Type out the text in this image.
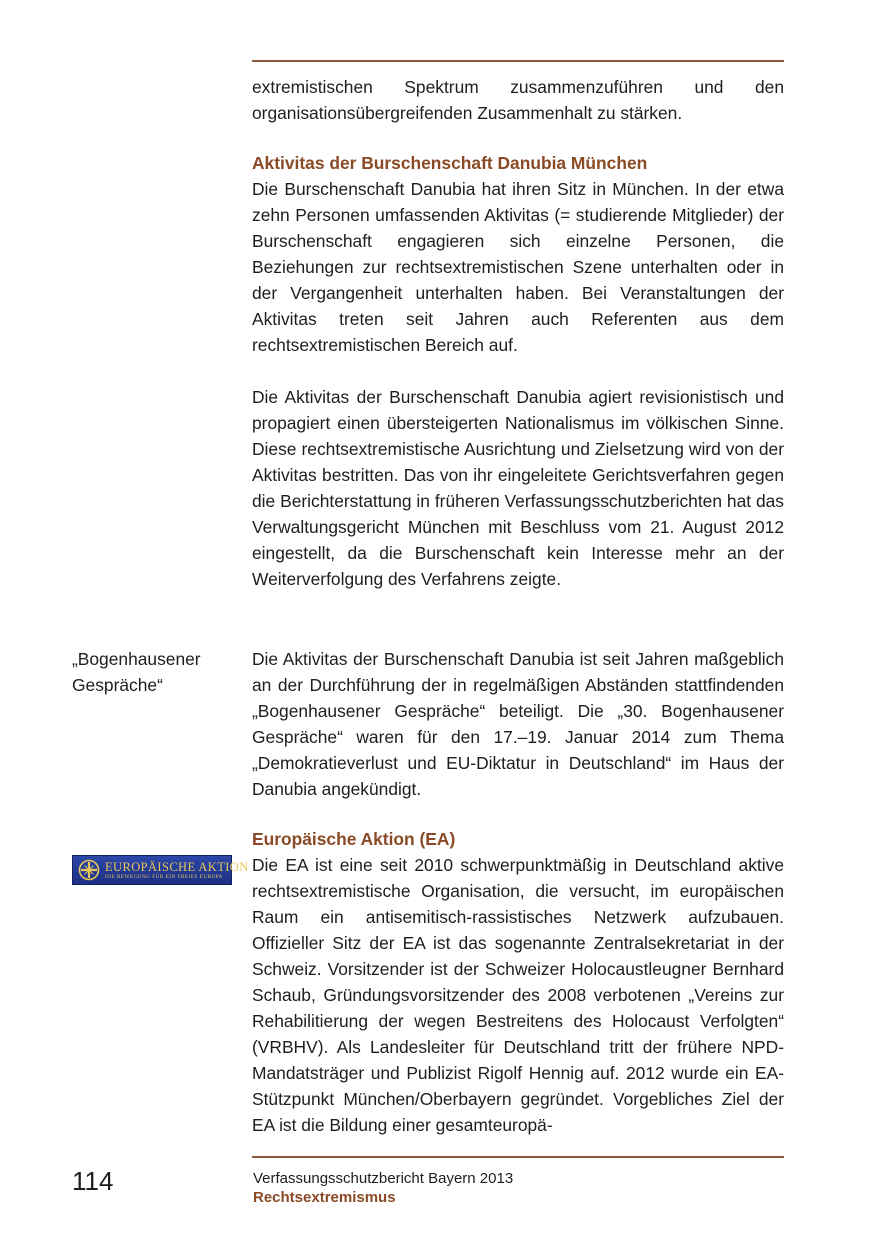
extremistischen Spektrum zusammenzuführen und den organisationsübergreifenden Zusammenhalt zu stärken.

Aktivitas der Burschenschaft Danubia München

Die Burschenschaft Danubia hat ihren Sitz in München. In der etwa zehn Personen umfassenden Aktivitas (= studierende Mitglieder) der Burschenschaft engagieren sich einzelne Personen, die Beziehungen zur rechtsextremistischen Szene unterhalten oder in der Vergangenheit unterhalten haben. Bei Veranstaltungen der Aktivitas treten seit Jahren auch Referenten aus dem rechtsextremistischen Bereich auf.

Die Aktivitas der Burschenschaft Danubia agiert revisionistisch und propagiert einen übersteigerten Nationalismus im völkischen Sinne. Diese rechtsextremistische Ausrichtung und Zielsetzung wird von der Aktivitas bestritten. Das von ihr eingeleitete Gerichtsverfahren gegen die Berichterstattung in früheren Verfassungsschutzberichten hat das Verwaltungsgericht München mit Beschluss vom 21. August 2012 eingestellt, da die Burschenschaft kein Interesse mehr an der Weiterverfolgung des Verfahrens zeigte.

„Bogenhausener Gespräche“

Die Aktivitas der Burschenschaft Danubia ist seit Jahren maßgeblich an der Durchführung der in regelmäßigen Abständen stattfindenden „Bogenhausener Gespräche“ beteiligt. Die „30. Bogenhausener Gespräche“ waren für den 17.–19. Januar 2014 zum Thema „Demokratieverlust und EU-Diktatur in Deutschland“ im Haus der Danubia angekündigt.

EUROPÄISCHE AKTION
DIE BEWEGUNG FÜR EIN FREIES EUROPA
Europäische Aktion (EA)

Die EA ist eine seit 2010 schwerpunktmäßig in Deutschland aktive rechtsextremistische Organisation, die versucht, im europäischen Raum ein antisemitisch-rassistisches Netzwerk aufzubauen. Offizieller Sitz der EA ist das sogenannte Zentralsekretariat in der Schweiz. Vorsitzender ist der Schweizer Holocaustleugner Bernhard Schaub, Gründungsvorsitzender des 2008 verbotenen „Vereins zur Rehabilitierung der wegen Bestreitens des Holocaust Verfolgten“ (VRBHV). Als Landesleiter für Deutschland tritt der frühere NPD-Mandatsträger und Publizist Rigolf Hennig auf. 2012 wurde ein EA-Stützpunkt München/Oberbayern gegründet. Vorgebliches Ziel der EA ist die Bildung einer gesamteuropä-

114	Verfassungsschutzbericht Bayern 2013
Rechtsextremismus
